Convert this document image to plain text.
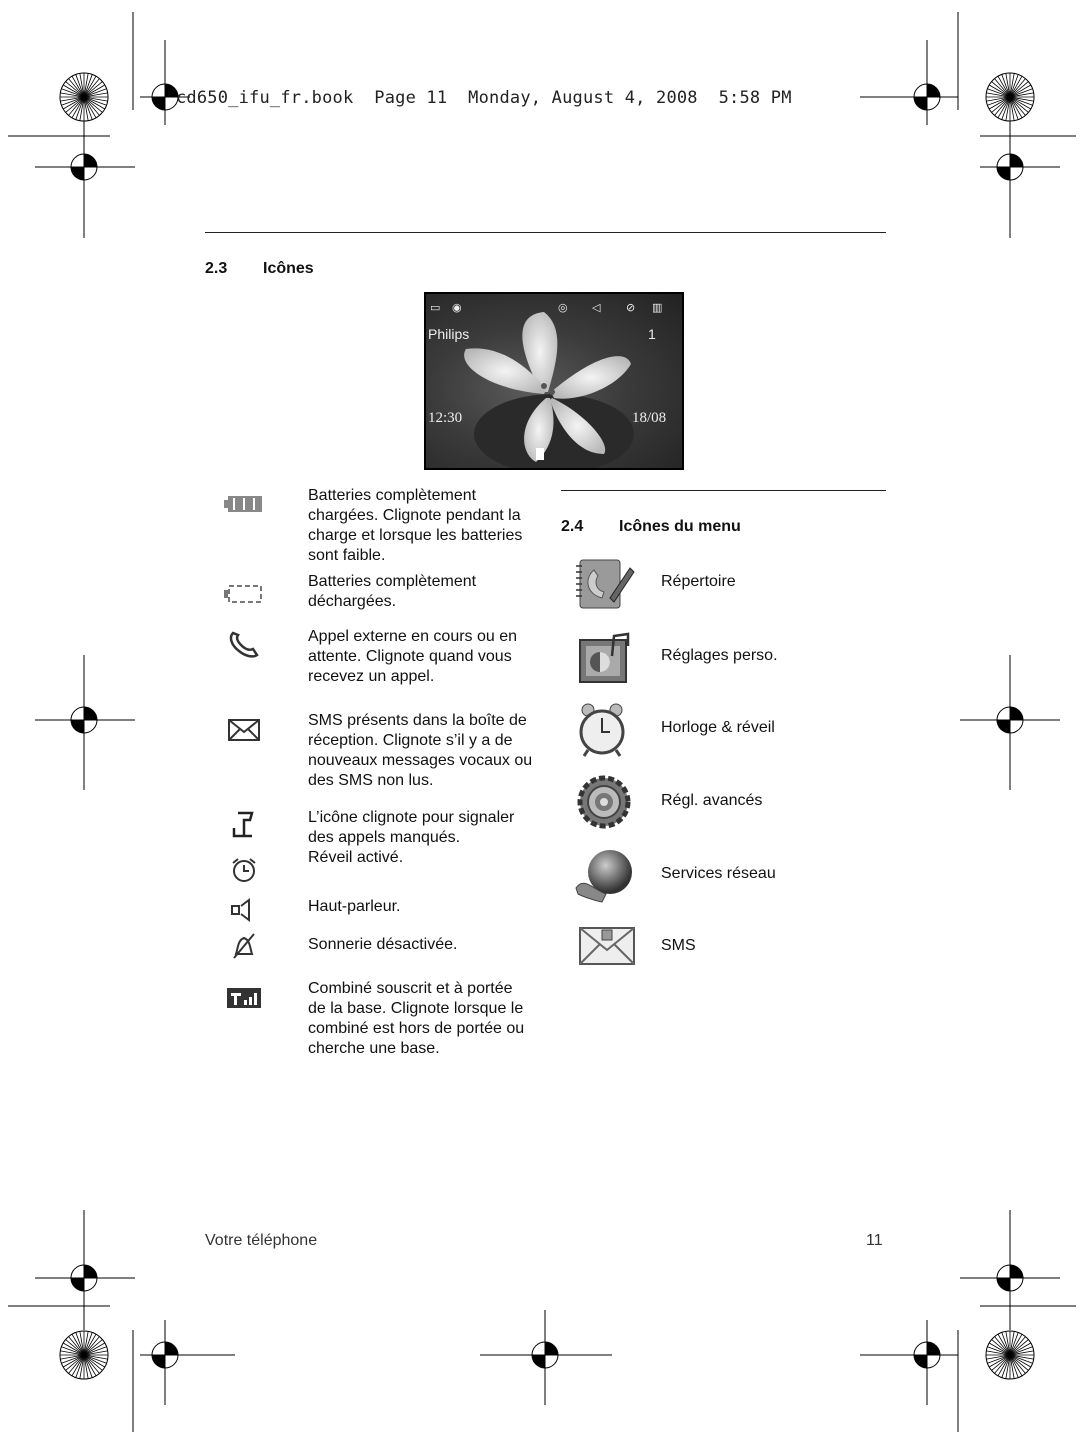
cd650_ifu_fr.book  Page 11  Monday, August 4, 2008  5:58 PM
2.3 Icônes
▭ ◉	◎ ◁ ⊘ ▥
Philips	1
12:30	18/08
Batteries complètement chargées. Clignote pendant la charge et lorsque les batteries sont faible.
Batteries complètement déchargées.
Appel externe en cours ou en attente. Clignote quand vous recevez un appel.
SMS présents dans la boîte de réception. Clignote s’il y a de nouveaux messages vocaux ou des SMS non lus.
L’icône clignote pour signaler des appels manqués.
Réveil activé.
Haut-parleur.
Sonnerie désactivée.
Combiné souscrit et à portée de la base. Clignote lorsque le combiné est hors de portée ou cherche une base.
2.4 Icônes du menu
Répertoire
Réglages perso.
Horloge & réveil
Régl. avancés
Services réseau
SMS
Votre téléphone	11
